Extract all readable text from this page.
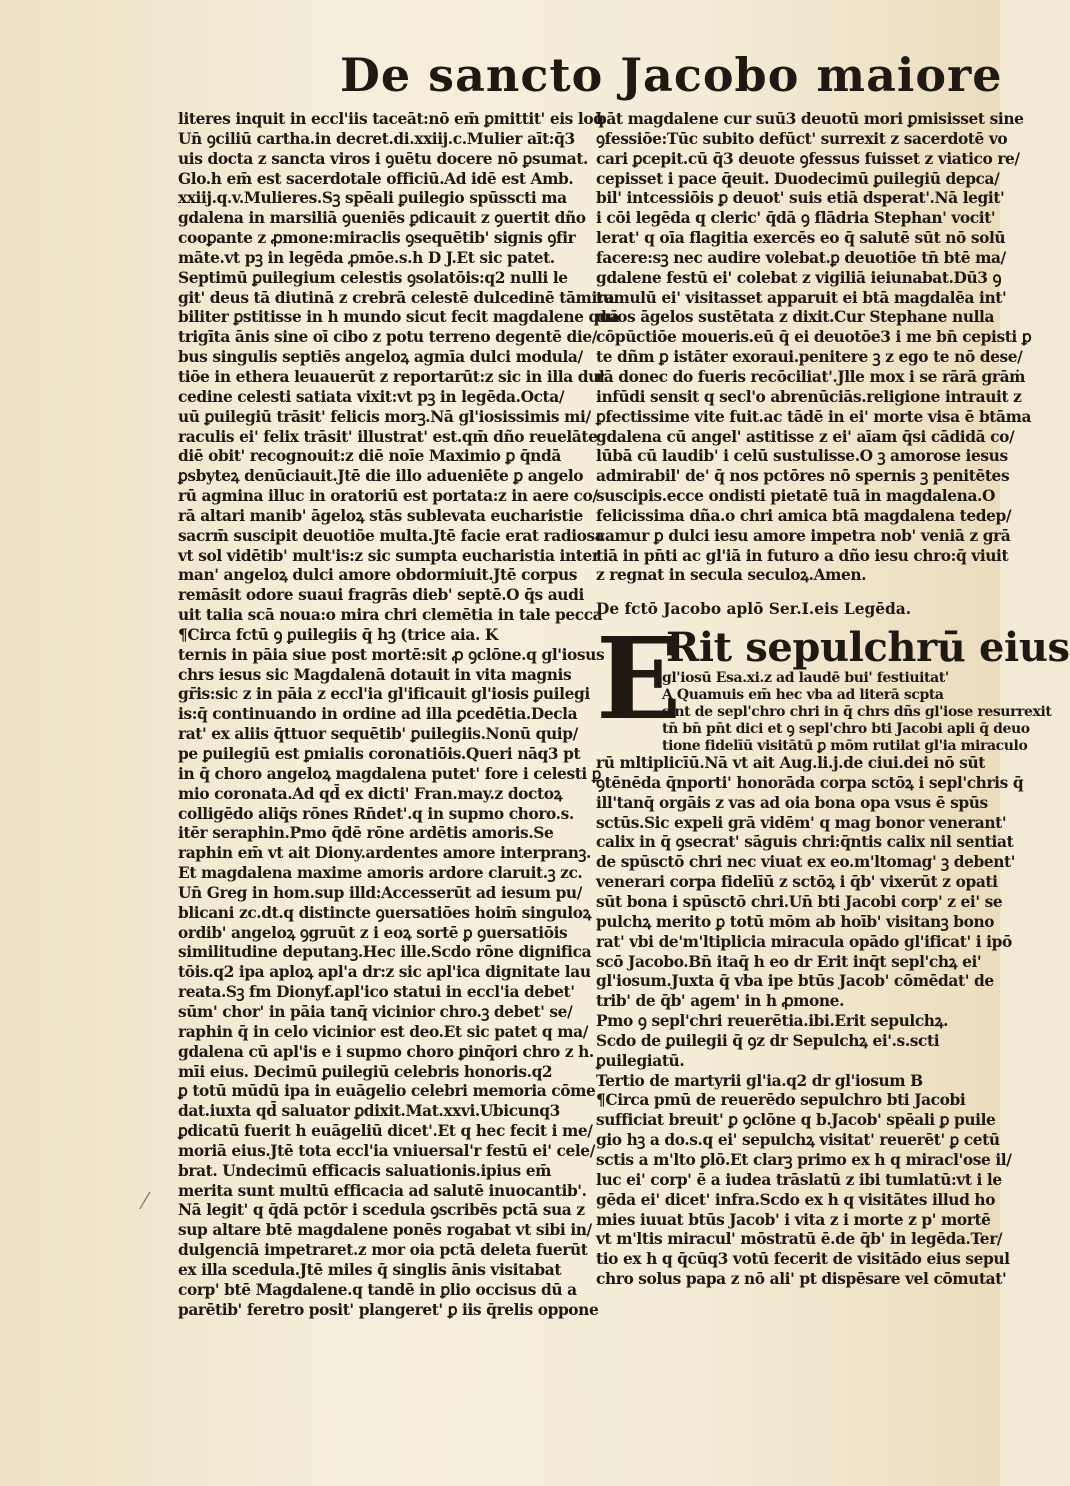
De sancto Jacobo maiore
literes inquit in eccl'iis taceāt:nō em̄ ꝑmittit' eis loq̄
Un̄ ꝯciliū cartha.in decret.di.xxiij.c.Mulier aīt:q̄3
uis docta z sancta viros i ꝯuētu docere nō ꝑsumat.
Glo.h em̄ est sacerdotale officiū.Ad idē est Amb.
xxiij.q.v.Mulieres.Sꝫ spēali ꝑuilegio spūsscti ma
gdalena in marsiliā ꝯueniēs ꝑdicauit z ꝯuertit dño
cooꝑante z ꝓmone:miraclis ꝯsequētib' signis ꝯfir
māte.vt pꝫ in legēda ꝓmōe.s.h D J.Et sic patet.
Septimū ꝑuilegium celestis ꝯsolatōis:q2 nulli le
git' deus tā diutinā z crebrā celestē dulcedinē tāmira
biliter ꝑstitisse in h mundo sicut fecit magdalene quā
trigīta ānis sine oī cibo z potu terreno degentē die/
bus singulis septiēs angeloꝝ agmīa dulci modula/
tiōe in ethera leuauerūt z reportarūt:z sic in illa dul
cedine celesti satiata vixit:vt pꝫ in legēda.Octa/
uū ꝑuilegiū trāsit' felicis morꝫ.Nā gl'iosissimis mi/
raculis ei' felix trāsit' illustrat' est.qm̄ dño reuelāte
diē obit' recognouit:z diē noīe Maximio ꝑ q̄ndā
ꝑsbyteꝝ denūciauit.Jtē die illo adueniēte ꝑ angelo
rū agmina illuc in oratoriū est portata:z in aere co/
rā altari manib' āgeloꝝ stās sublevata eucharistie
sacrm̄ suscipit deuotiōe multa.Jtē facie erat radiosa
vt sol vidētib' mult'is:z sic sumpta eucharistia inter
man' angeloꝝ dulci amore obdormiuit.Jtē corpus
remāsit odore suaui fragrās dieb' septē.O q̄s audi
uit talia scā noua:o mira chri clemētia in tale pecca
¶Circa fctū ꝯ ꝑuilegiis q̄ hꝫ (trice aia. K
ternis in pāia siue post mortē:sit ꝓ ꝯclōne.q gl'iosus
chrs iesus sic Magdalenā dotauit in vita magnis
gr̄is:sic z in pāia z eccl'ia gl'ificauit gl'iosis ꝑuilegi
is:q̄ continuando in ordine ad illa ꝑcedētia.Decla
rat' ex aliis q̄ttuor sequētib' ꝑuilegiis.Nonū quip/
pe ꝑuilegiū est ꝑmialis coronatiōis.Queri nāq3 pt
in q̄ choro angeloꝝ magdalena putet' fore i celesti ꝑ
mio coronata.Ad qd̄ ex dicti' Fran.may.z doctoꝝ
colligēdo aliq̄s rōnes Rn̄det'.q in supmo choro.s.
itēr seraphin.Pmo q̄dē rōne ardētis amoris.Se
raphin em̄ vt ait Diony.ardentes amore interpranꝫ.
Et magdalena maxime amoris ardore claruit.ꝫ zc.
Un̄ Greg in hom.sup illd:Accesserūt ad iesum pu/
blicani zc.dt.q distincte ꝯuersatiōes hoim̄ singuloꝝ
ordib' angeloꝝ ꝯgruūt z i eoꝝ sortē ꝑ ꝯuersatiōis
similitudine deputanꝫ.Hec ille.Scdo rōne dignifica
tōis.q2 ipa aploꝝ apl'a dr:z sic apl'ica dignitate lau
reata.Sꝫ fm Dionyf.apl'ico statui in eccl'ia debet'
sūm' chor' in pāia tanq̄ vicinior chro.ꝫ debet' se/
raphin q̄ in celo vicinior est deo.Et sic patet q ma/
gdalena cū apl'is e i supmo choro ꝑinq̄ori chro z h.
mīi eius. Decimū ꝑuilegiū celebris honoris.q2
ꝑ totū mūdū ipa in euāgelio celebri memoria cōme
dat.iuxta qd̄ saluator ꝑdixit.Mat.xxvi.Ubicunq3
ꝑdicatū fuerit h euāgeliū dicet'.Et q hec fecit i me/
moriā eius.Jtē tota eccl'ia vniuersal'r festū ei' cele/
brat. Undecimū efficacis saluationis.ipius em̄
merita sunt multū efficacia ad salutē inuocantib'.
Nā legit' q q̄dā pctōr i scedula ꝯscribēs pctā sua z
sup altare btē magdalene ponēs rogabat vt sibi in/
dulgenciā impetraret.z mor oia pctā deleta fuerūt
ex illa scedula.Jtē miles q̄ singlis ānis visitabat
corp' btē Magdalene.q tandē in ꝑlio occisus dū a
parētib' feretro posit' plangeret' ꝑ iis q̄relis oppone
bāt magdalene cur suū3 deuotū mori ꝑmisisset sine
ꝯfessiōe:Tūc subito defūct' surrexit z sacerdotē vo
cari ꝑcepit.cū q̄3 deuote ꝯfessus fuisset z viatico re/
cepisset i pace q̄euit. Duodecimū ꝑuilegiū depca/
bil' intcessiōis ꝑ deuot' suis etiā dsperat'.Nā legit'
i cōi legēda q cleric' q̄dā ꝯ flādria Stephan' vocit'
lerat' q oīa flagitia exercēs eo q̄ salutē sūt nō solū
facere:sꝫ nec audire volebat.ꝑ deuotiōe tn̄ btē ma/
gdalene festū ei' colebat z vigiliā ieiunabat.Dū3 ꝯ
tumulū ei' visitasset apparuit ei btā magdalēa int'
duos āgelos sustētata z dixit.Cur Stephane nulla
cōpūctiōe moueris.eū q̄ ei deuotōe3 i me bn̄ cepisti ꝑ
te dñm ꝑ istāter exoraui.penitere ꝫ z ego te nō dese/
rā donec do fueris recōciliat'.Jlle mox i se rārā grāṁ
infūdi sensit q secl'o abrenūciās.religione intrauit z
ꝑfectissime vite fuit.ac tādē in ei' morte visa ē btāma
gdalena cū angel' astitisse z ei' aīam q̄si cādidā co/
lūbā cū laudib' i celū sustulisse.O ꝫ amorose iesus
admirabil' de' q̄ nos pctōres nō spernis ꝫ penitētes
suscipis.ecce ondisti pietatē tuā in magdalena.O
felicissima dña.o chri amica btā magdalena tedep/
camur ꝑ dulci iesu amore impetra nob' veniā z grā
tiā in pn̄ti ac gl'iā in futuro a dño iesu chro:q̄ viuit
z regnat in secula seculoꝝ.Amen.
De fctō Jacobo aplō Ser.I.eis Legēda.
E
Rit sepulchrū eius
gl'iosū Esa.xi.z ad laudē bui' festiuitat'
A Quamuis em̄ hec vba ad literā scpta
sint de sepl'chro chri in q̄ chrs dñs gl'iose resurrexit
tn̄ bn̄ pn̄t dici et ꝯ sepl'chro bti Jacobi apli q̄ deuo
tione fidelīū visitātū ꝑ mōm rutilat gl'ia miraculo
rū mltiplicīū.Nā vt ait Aug.li.j.de ciui.dei nō sūt
ꝯtēnēda q̄nporti' honorāda corpa sctōꝝ i sepl'chris q̄
ill'tanq̄ orgāis z vas ad oia bona opa vsus ē spūs
sctūs.Sic expeli grā vidēm' q mag bonor venerant'
calix in q̄ ꝯsecrat' sāguis chri:q̄ntis calix nil sentiat
de spūsctō chri nec viuat ex eo.m'ltomag' ꝫ debent'
venerari corpa fidelīū z sctōꝝ i q̄b' vixerūt z opati
sūt bona i spūsctō chri.Un̄ bti Jacobi corp' z ei' se
pulchꝝ merito ꝑ totū mōm ab hoīb' visitanꝫ bono
rat' vbi de'm'ltiplicia miracula opādo gl'ificat' i ipō
scō Jacobo.Bn̄ itaq̄ h eo dr Erit inq̄t sepl'chꝝ ei'
gl'iosum.Juxta q̄ vba ipe btūs Jacob' cōmēdat' de
trib' de q̄b' agem' in h ꝓmone.
Pmo ꝯ sepl'chri reuerētia.ibi.Erit sepulchꝝ.
Scdo de ꝑuilegii q̄ ꝯz dr Sepulchꝝ ei'.s.scti
ꝑuilegiatū.
Tertio de martyrii gl'ia.q2 dr gl'iosum B
¶Circa pmū de reuerēdo sepulchro bti Jacobi
sufficiat breuit' ꝑ ꝯclōne q b.Jacob' spēali ꝑ puile
gio hꝫ a do.s.q ei' sepulchꝝ visitat' reuerēt' ꝑ cetū
sctis a m'lto ꝑlō.Et clarꝫ primo ex h q miracl'ose il/
luc ei' corp' ē a iudea trāslatū z ibi tumlatū:vt i le
gēda ei' dicet' infra.Scdo ex h q visitātes illud ho
mies iuuat btūs Jacob' i vita z i morte z p' mortē
vt m'ltis miracul' mōstratū ē.de q̄b' in legēda.Ter/
tio ex h q q̄cūq3 votū fecerit de visitādo eius sepul
chro solus papa z nō ali' pt dispēsare vel cōmutat'
⁄
